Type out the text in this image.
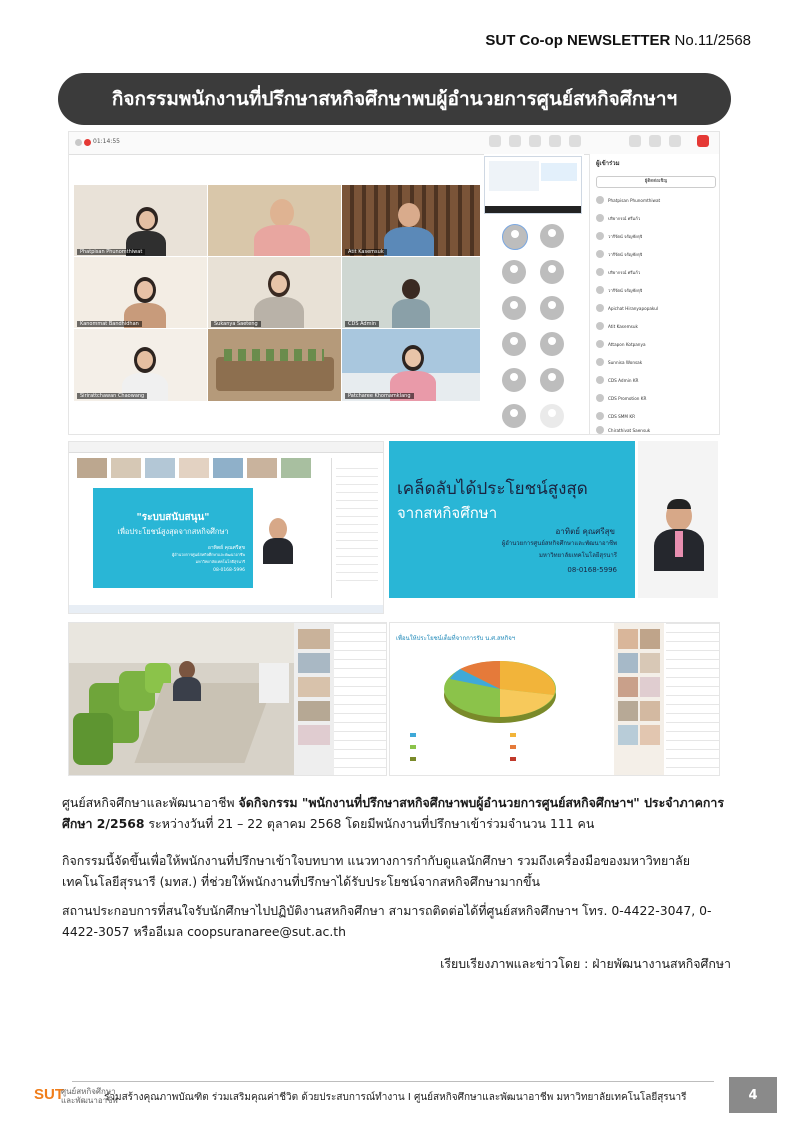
SUT Co-op NEWSLETTER No.11/2568
กิจกรรมพนักงานที่ปรึกษาสหกิจศึกษาพบผู้อำนวยการศูนย์สหกิจศึกษาฯ
01:14:55
Phatpisan Phunomthiwat	Atit Kasemsuk
Kanommat Bandhidhan	Sukanya Saeteng	CDS Admin
Sirirattchawan Chaowang	Patcharee Khomamklang
ผู้เข้าร่วม
ผู้ติดต่อเชิญ
Phatpisan Phunomthiwat
ปริยากรณ์ ศรีแก้ว
วารีรัตน์ จรัญชัยรุจิ
วารีรัตน์ จรัญชัยรุจิ
ปริยากรณ์ ศรีแก้ว
วารีรัตน์ จรัญชัยรุจิ
Apichat Hiranyapopakul
Atit Kasemsuk
Attapon Kotpanya
Sunnisa Wonsak
CDS Admin KR
CDS Promotion KR
CDS SMM KR
Chirathivat Saensuk
"ระบบสนับสนุน"
เพื่อประโยชน์สูงสุดจากสหกิจศึกษา
อาทิตย์ คุณศรีสุข
ผู้อำนวยการศูนย์สหกิจศึกษาและพัฒนาอาชีพ
มหาวิทยาลัยเทคโนโลยีสุรนารี
08-0168-5996
เคล็ดลับได้ประโยชน์สูงสุด
จากสหกิจศึกษา
อาทิตย์ คุณศรีสุข
ผู้อำนวยการศูนย์สหกิจศึกษาและพัฒนาอาชีพ
มหาวิทยาลัยเทคโนโลยีสุรนารี
08-0168-5996
เพื่อนให้ประโยชน์เต็มที่จากการรับ น.ศ.สหกิจฯ
ศูนย์สหกิจศึกษาและพัฒนาอาชีพ จัดกิจกรรม "พนักงานที่ปรึกษาสหกิจศึกษาพบผู้อำนวยการศูนย์สหกิจศึกษาฯ" ประจำภาคการศึกษา 2/2568 ระหว่างวันที่ 21 – 22 ตุลาคม 2568 โดยมีพนักงานที่ปรึกษาเข้าร่วมจำนวน 111 คน
กิจกรรมนี้จัดขึ้นเพื่อให้พนักงานที่ปรึกษาเข้าใจบทบาท แนวทางการกำกับดูแลนักศึกษา รวมถึงเครื่องมือของมหาวิทยาลัยเทคโนโลยีสุรนารี (มทส.) ที่ช่วยให้พนักงานที่ปรึกษาได้รับประโยชน์จากสหกิจศึกษามากขึ้น
สถานประกอบการที่สนใจรับนักศึกษาไปปฏิบัติงานสหกิจศึกษา สามารถติดต่อได้ที่ศูนย์สหกิจศึกษาฯ โทร. 0-4422-3047, 0-4422-3057 หรืออีเมล coopsuranaree@sut.ac.th
เรียบเรียงภาพและข่าวโดย : ฝ่ายพัฒนางานสหกิจศึกษา
SUT
ศูนย์สหกิจศึกษาและพัฒนาอาชีพ
ร่วมสร้างคุณภาพบัณฑิต ร่วมเสริมคุณค่าชีวิต ด้วยประสบการณ์ทำงาน I ศูนย์สหกิจศึกษาและพัฒนาอาชีพ มหาวิทยาลัยเทคโนโลยีสุรนารี	4
